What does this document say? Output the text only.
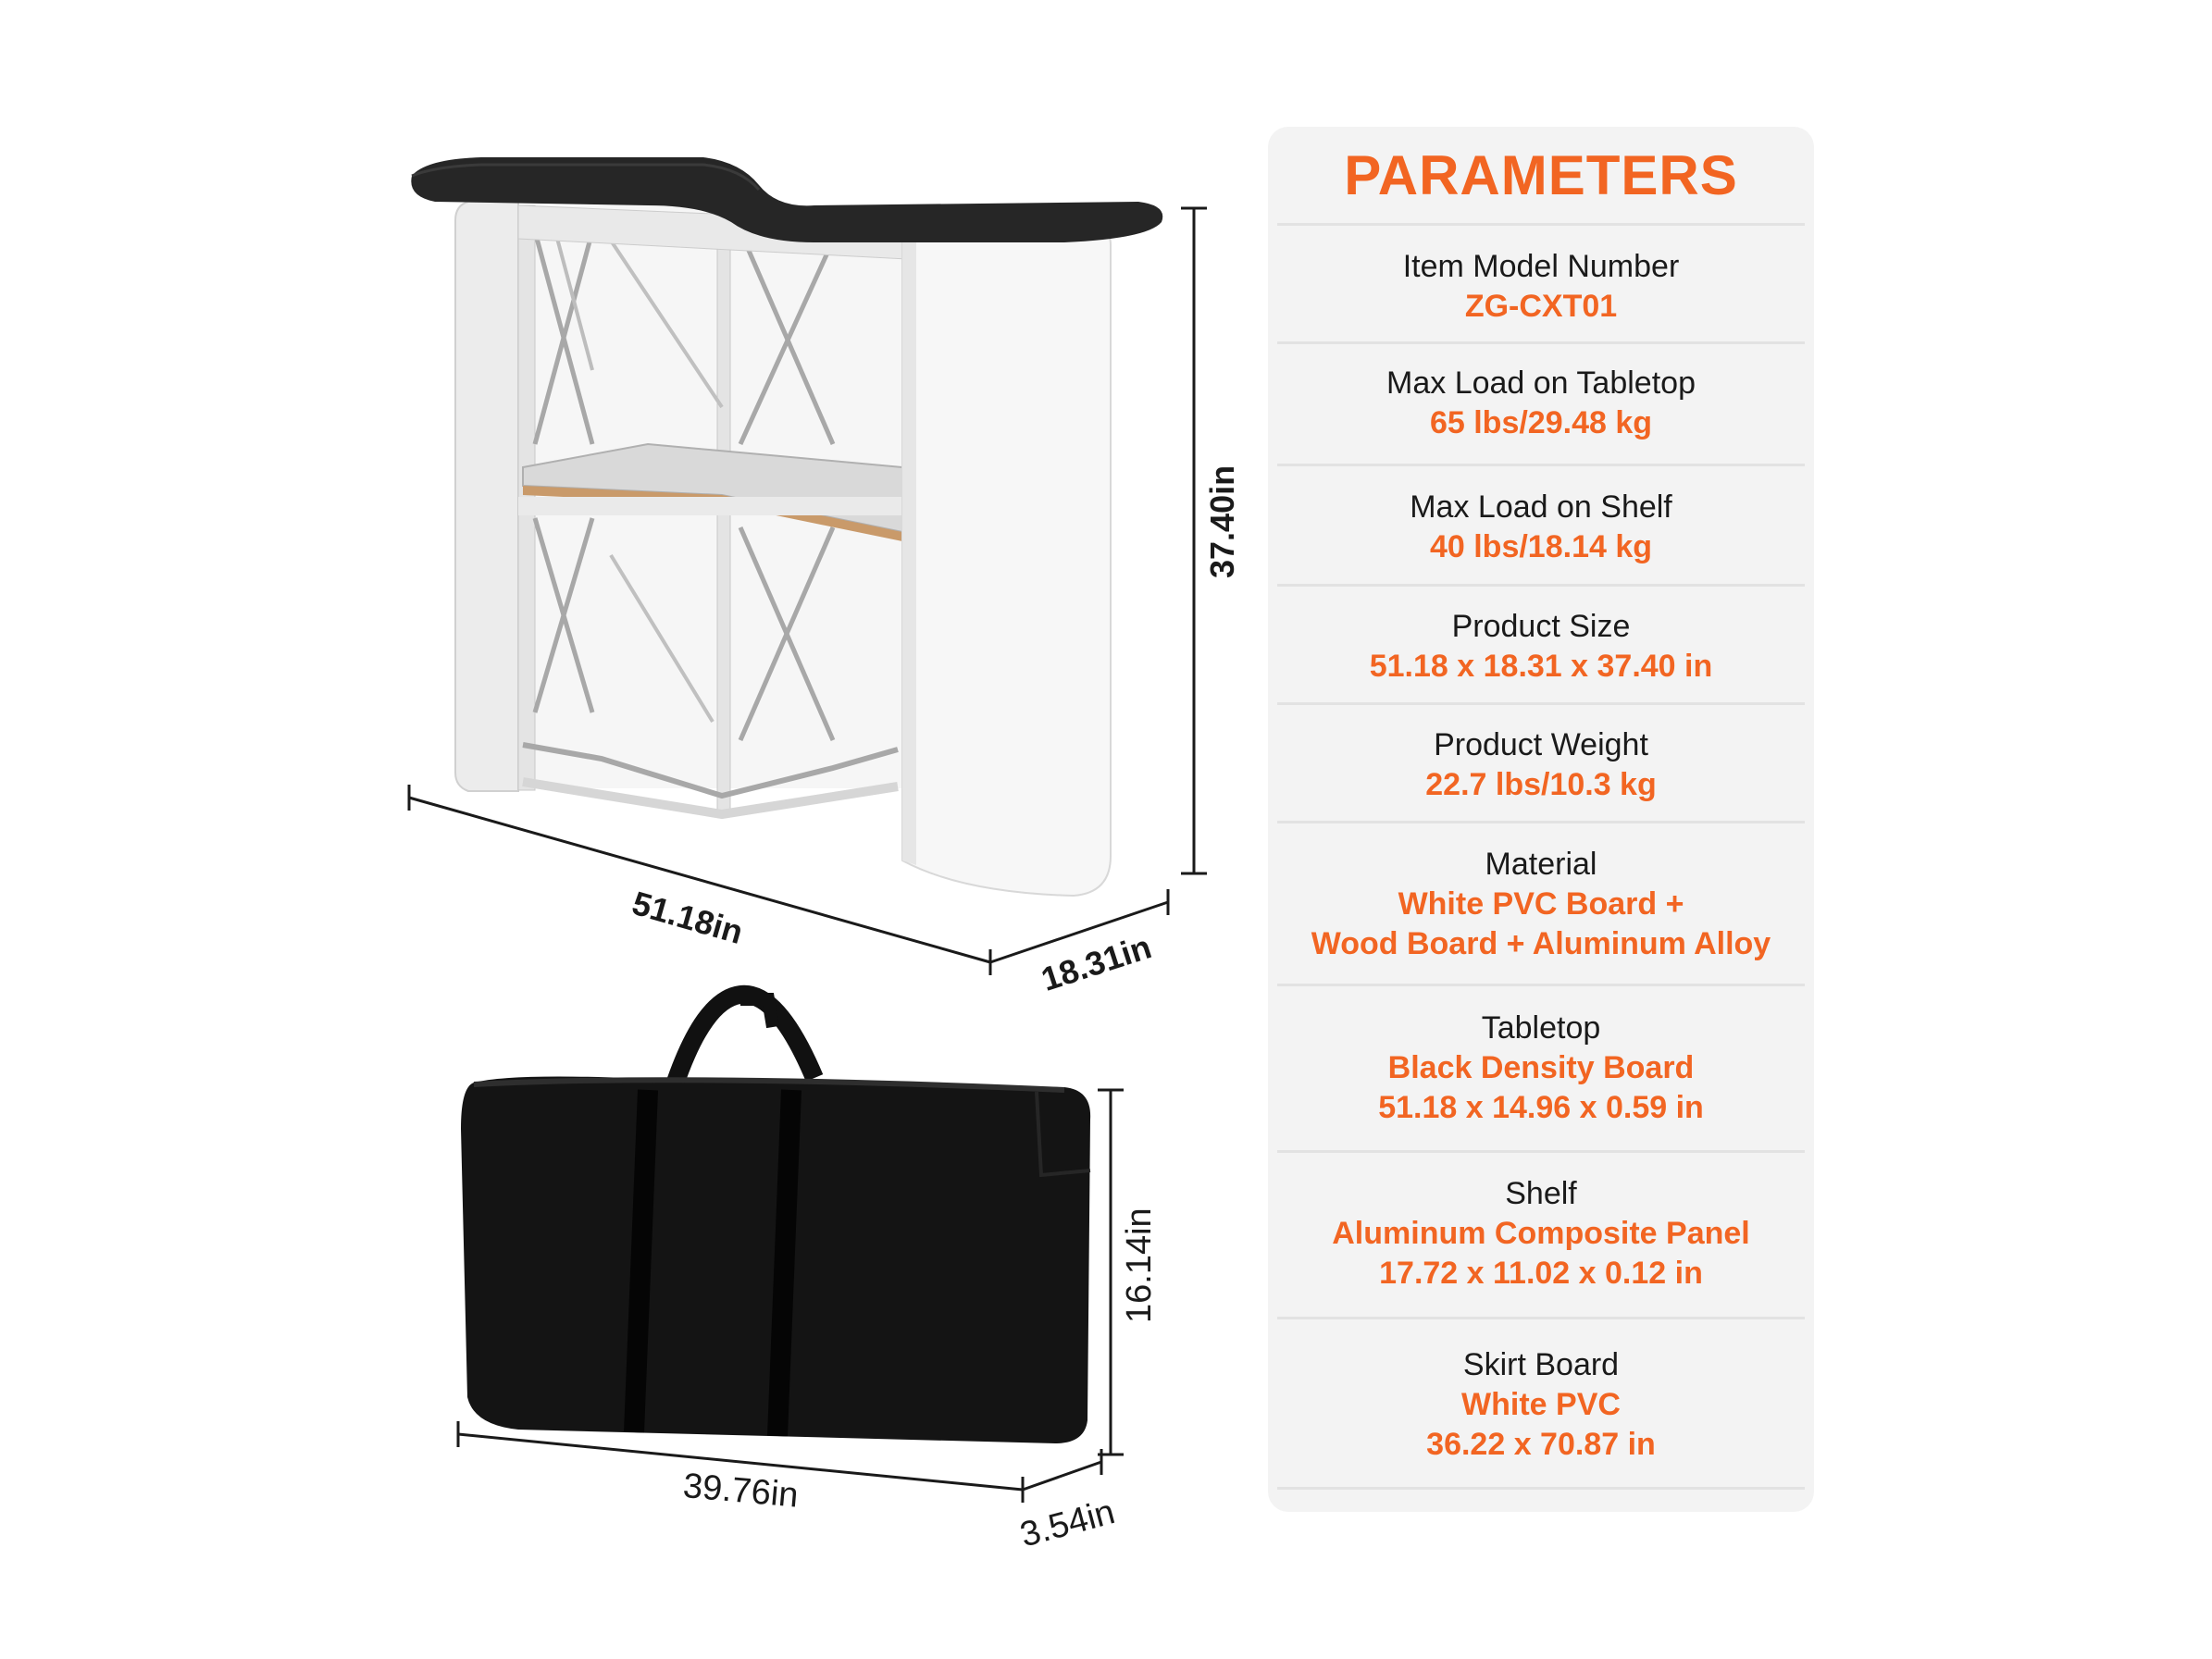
51.18in
18.31in
37.40in
39.76in
3.54in
16.14in
PARAMETERS
Item Model Number
ZG-CXT01
Max Load on Tabletop
65 lbs/29.48 kg
Max Load on Shelf
40 lbs/18.14 kg
Product Size
51.18 x 18.31 x 37.40 in
Product Weight
22.7 lbs/10.3 kg
Material
White PVC Board +
Wood Board + Aluminum Alloy
Tabletop
Black Density Board
51.18 x 14.96 x 0.59 in
Shelf
Aluminum Composite Panel
17.72 x 11.02 x 0.12 in
Skirt Board
White PVC
36.22 x 70.87 in
